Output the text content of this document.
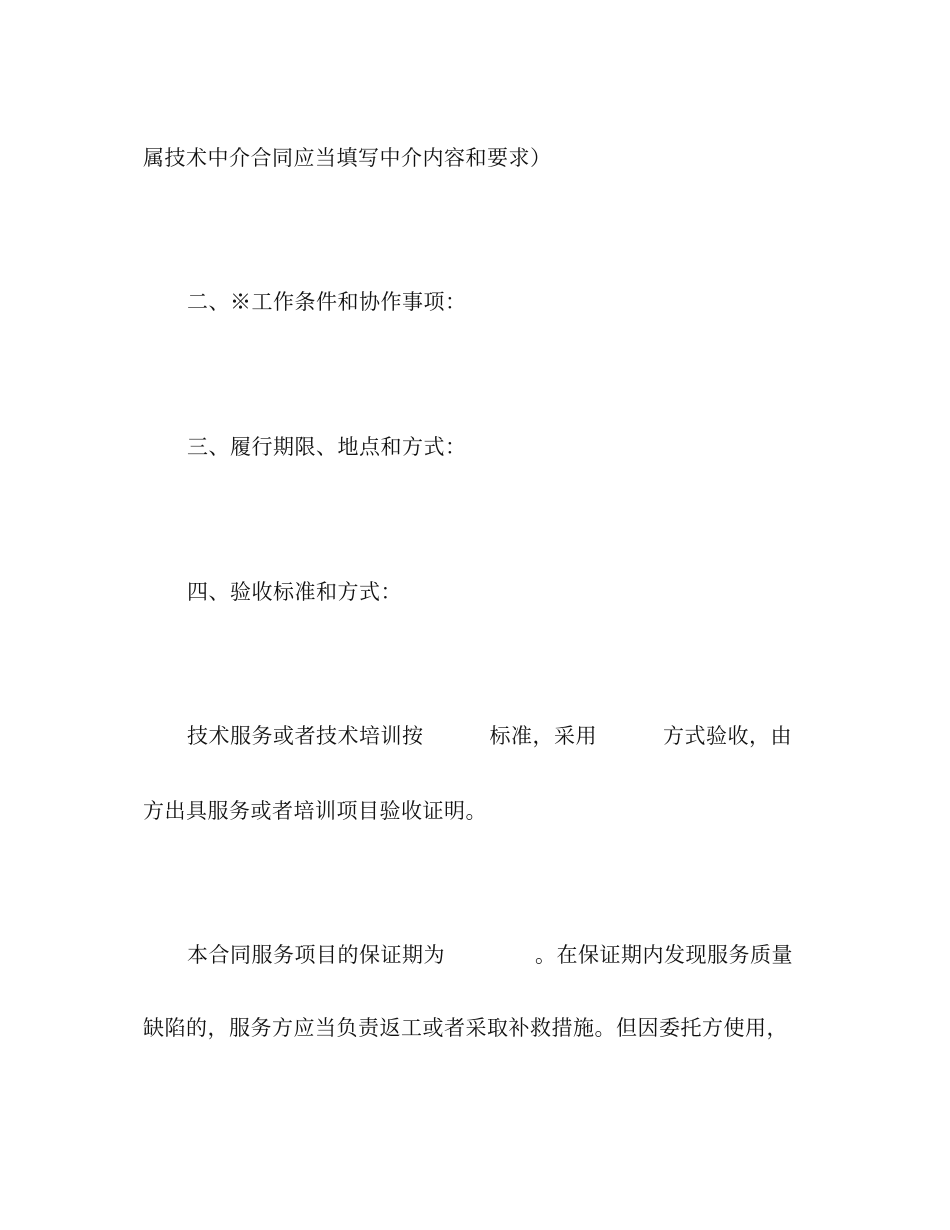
属技术中介合同应当填写中介内容和要求）
二、※工作条件和协作事项：
三、履行期限、地点和方式：
四、验收标准和方式：
技术服务或者技术培训按	标准，采用	方式验收，由
方出具服务或者培训项目验收证明。
本合同服务项目的保证期为	。在保证期内发现服务质量
缺陷的，服务方应当负责返工或者采取补救措施。但因委托方使用，
